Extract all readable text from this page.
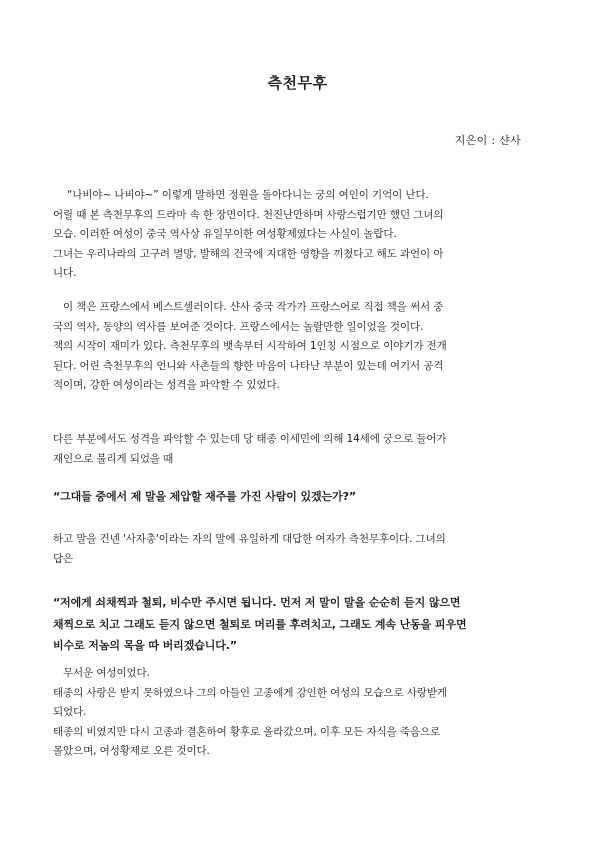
측천무후
지은이 : 샨사

“나비야~ 나비야~” 이렇게 말하면 정원을 돌아다니는 궁의 여인이 기억이 난다.

어릴 때 본 측천무후의 드라마 속 한 장면이다. 천진난만하며 사랑스럽기만 했던 그녀의

모습. 이러한 여성이 중국 역사상 유일무이한 여성황제였다는 사실이 놀랍다.

그녀는 우리나라의 고구려 멸망, 발해의 건국에 지대한 영향을 끼쳤다고 해도 과언이 아

니다.

이 책은 프랑스에서 베스트셀러이다. 샨사 중국 작가가 프랑스어로 직접 책을 써서 중

국의 역사, 동양의 역사를 보여준 것이다. 프랑스에서는 놀랄만한 일이었을 것이다.

책의 시작이 재미가 있다. 측천무후의 뱃속부터 시작하여 1인칭 시점으로 이야기가 전개

된다. 어린 측천무후의 언니와 사촌들의 향한 마음이 나타난 부분이 있는데 여기서 공격

적이며, 강한 여성이라는 성격을 파악할 수 있었다.

다른 부분에서도 성격을 파악할 수 있는데 당 태종 이세민에 의해 14세에 궁으로 들어가

재인으로 불리게 되었을 때

“그대들 중에서 제 말을 제압할 재주를 가진 사람이 있겠는가?”

하고 말을 건넨 '사자총'이라는 자의 말에 유일하게 대답한 여자가 측천무후이다. 그녀의

답은

“저에게 쇠채찍과 철퇴, 비수만 주시면 됩니다. 먼저 저 말이 말을 순순히 듣지 않으면

채찍으로 치고 그래도 듣지 않으면 철퇴로 머리를 후려치고, 그래도 계속 난동을 피우면

비수로 저놈의 목을 따 버리겠습니다.”

무서운 여성이었다.

태종의 사랑은 받지 못하였으나 그의 아들인 고종에게 강인한 여성의 모습으로 사랑받게

되었다.

태종의 비였지만 다시 고종과 결혼하여 황후로 올라갔으며, 이후 모든 자식을 죽음으로

몰았으며, 여성황제로 오른 것이다.
